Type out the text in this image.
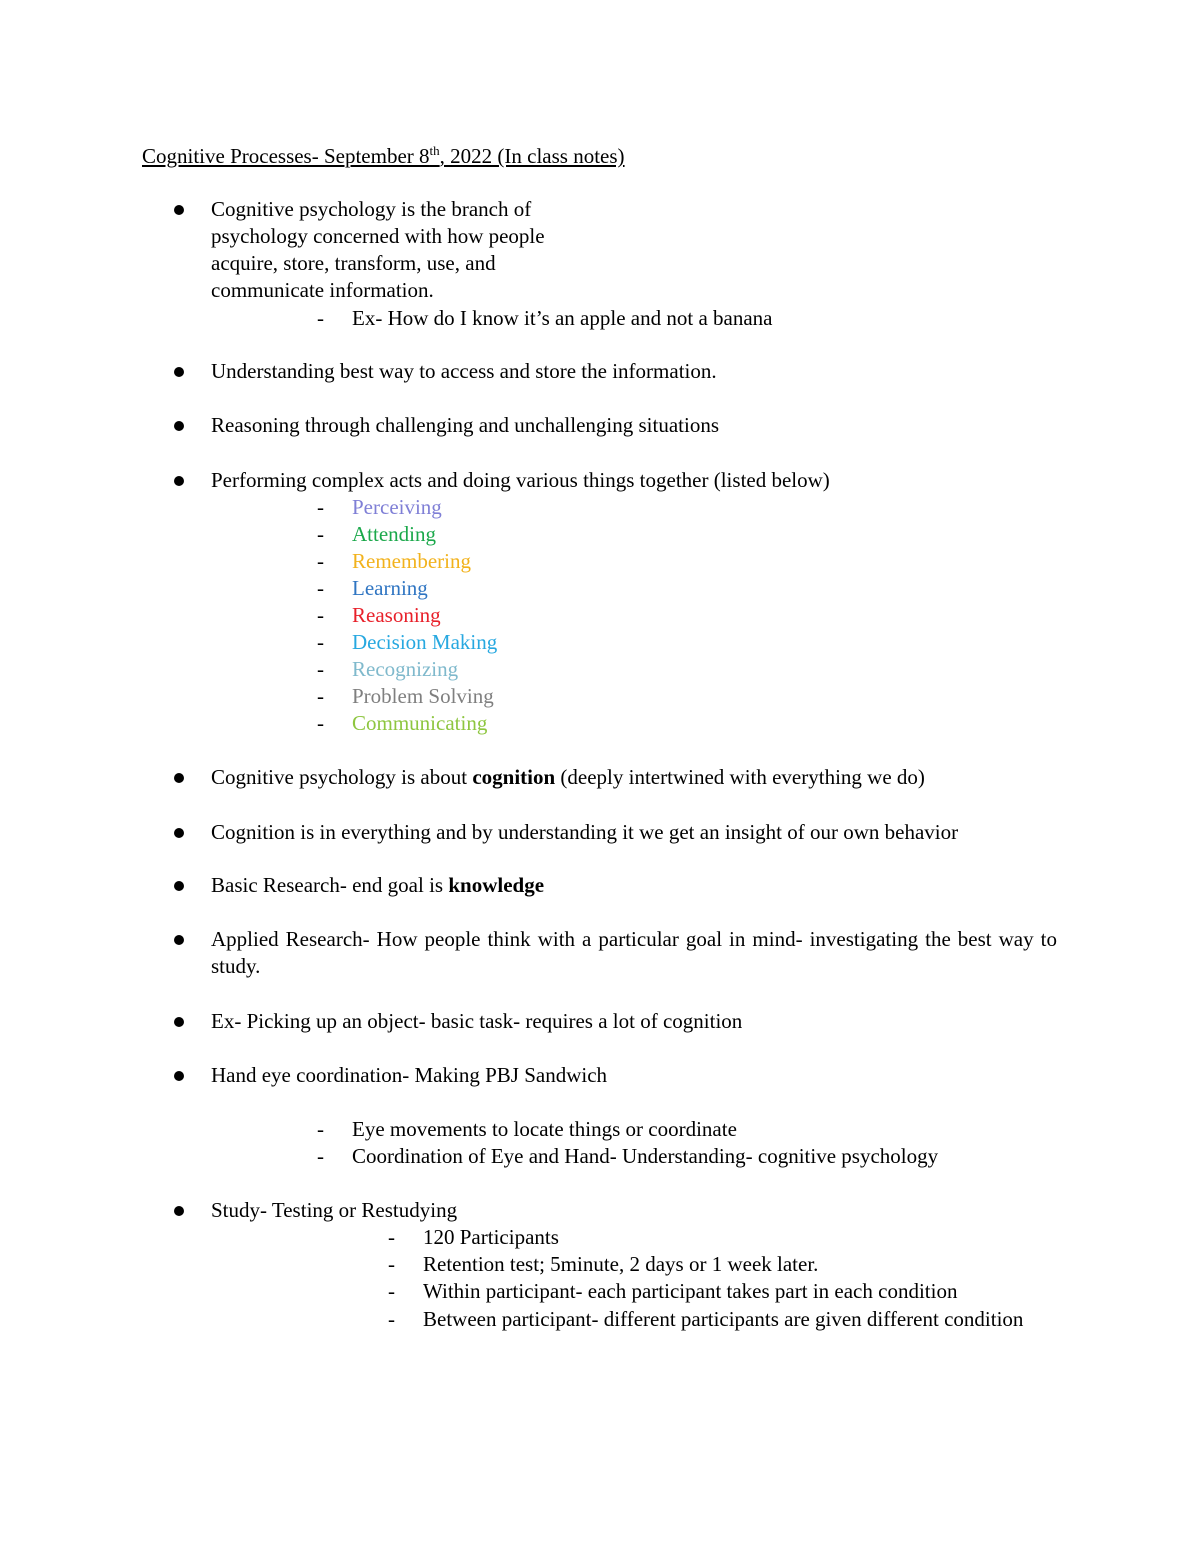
Cognitive Processes- September 8th, 2022 (In class notes)
Cognitive psychology is the branch of
psychology concerned with how people
acquire, store, transform, use, and
communicate information.
- Ex- How do I know it’s an apple and not a banana
Understanding best way to access and store the information.
Reasoning through challenging and unchallenging situations
Performing complex acts and doing various things together (listed below)
- Perceiving
- Attending
- Remembering
- Learning
- Reasoning
- Decision Making
- Recognizing
- Problem Solving
- Communicating
Cognitive psychology is about cognition (deeply intertwined with everything we do)
Cognition is in everything and by understanding it we get an insight of our own behavior
Basic Research- end goal is knowledge
Applied Research- How people think with a particular goal in mind- investigating the best way to study.
Ex- Picking up an object- basic task- requires a lot of cognition
Hand eye coordination- Making PBJ Sandwich
- Eye movements to locate things or coordinate
- Coordination of Eye and Hand- Understanding- cognitive psychology
Study- Testing or Restudying
- 120 Participants
- Retention test; 5minute, 2 days or 1 week later.
- Within participant- each participant takes part in each condition
- Between participant- different participants are given different condition
